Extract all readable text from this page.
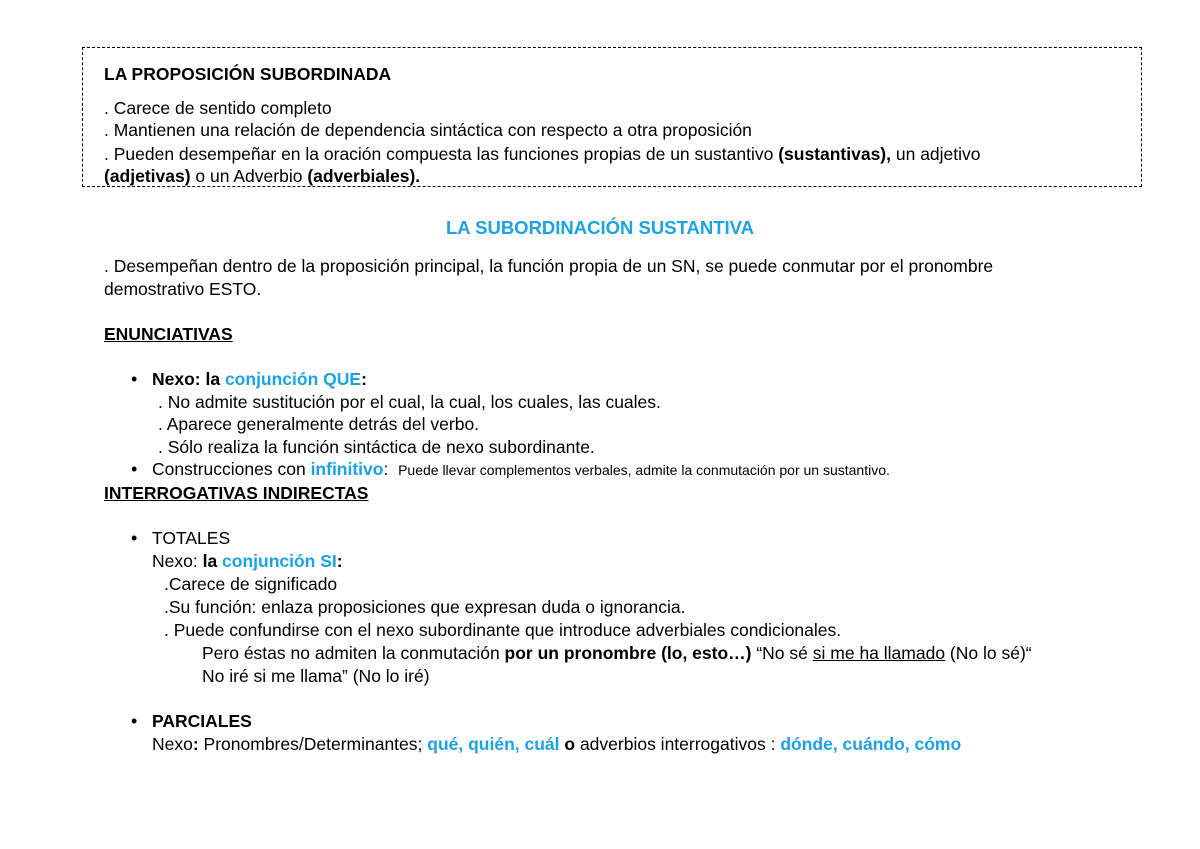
LA PROPOSICIÓN SUBORDINADA
. Carece de sentido completo
. Mantienen una relación de dependencia sintáctica con respecto a otra proposición
. Pueden desempeñar en la oración compuesta las funciones propias de un sustantivo (sustantivas), un adjetivo
(adjetivas) o un Adverbio (adverbiales).
LA SUBORDINACIÓN SUSTANTIVA
. Desempeñan dentro de la proposición principal, la función propia de un SN, se puede conmutar por el pronombre
demostrativo ESTO.
ENUNCIATIVAS
• Nexo: la conjunción QUE:
. No admite sustitución por el cual, la cual, los cuales, las cuales.
. Aparece generalmente detrás del verbo.
. Sólo realiza la función sintáctica de nexo subordinante.
• Construcciones con infinitivo: Puede llevar complementos verbales, admite la conmutación por un sustantivo.
INTERROGATIVAS INDIRECTAS
• TOTALES
Nexo: la conjunción SI:
.Carece de significado
.Su función: enlaza proposiciones que expresan duda o ignorancia.
. Puede confundirse con el nexo subordinante que introduce adverbiales condicionales.
Pero éstas no admiten la conmutación por un pronombre (lo, esto…) “No sé si me ha llamado (No lo sé)“
No iré si me llama” (No lo iré)
• PARCIALES
Nexo: Pronombres/Determinantes; qué, quién, cuál o adverbios interrogativos : dónde, cuándo, cómo
